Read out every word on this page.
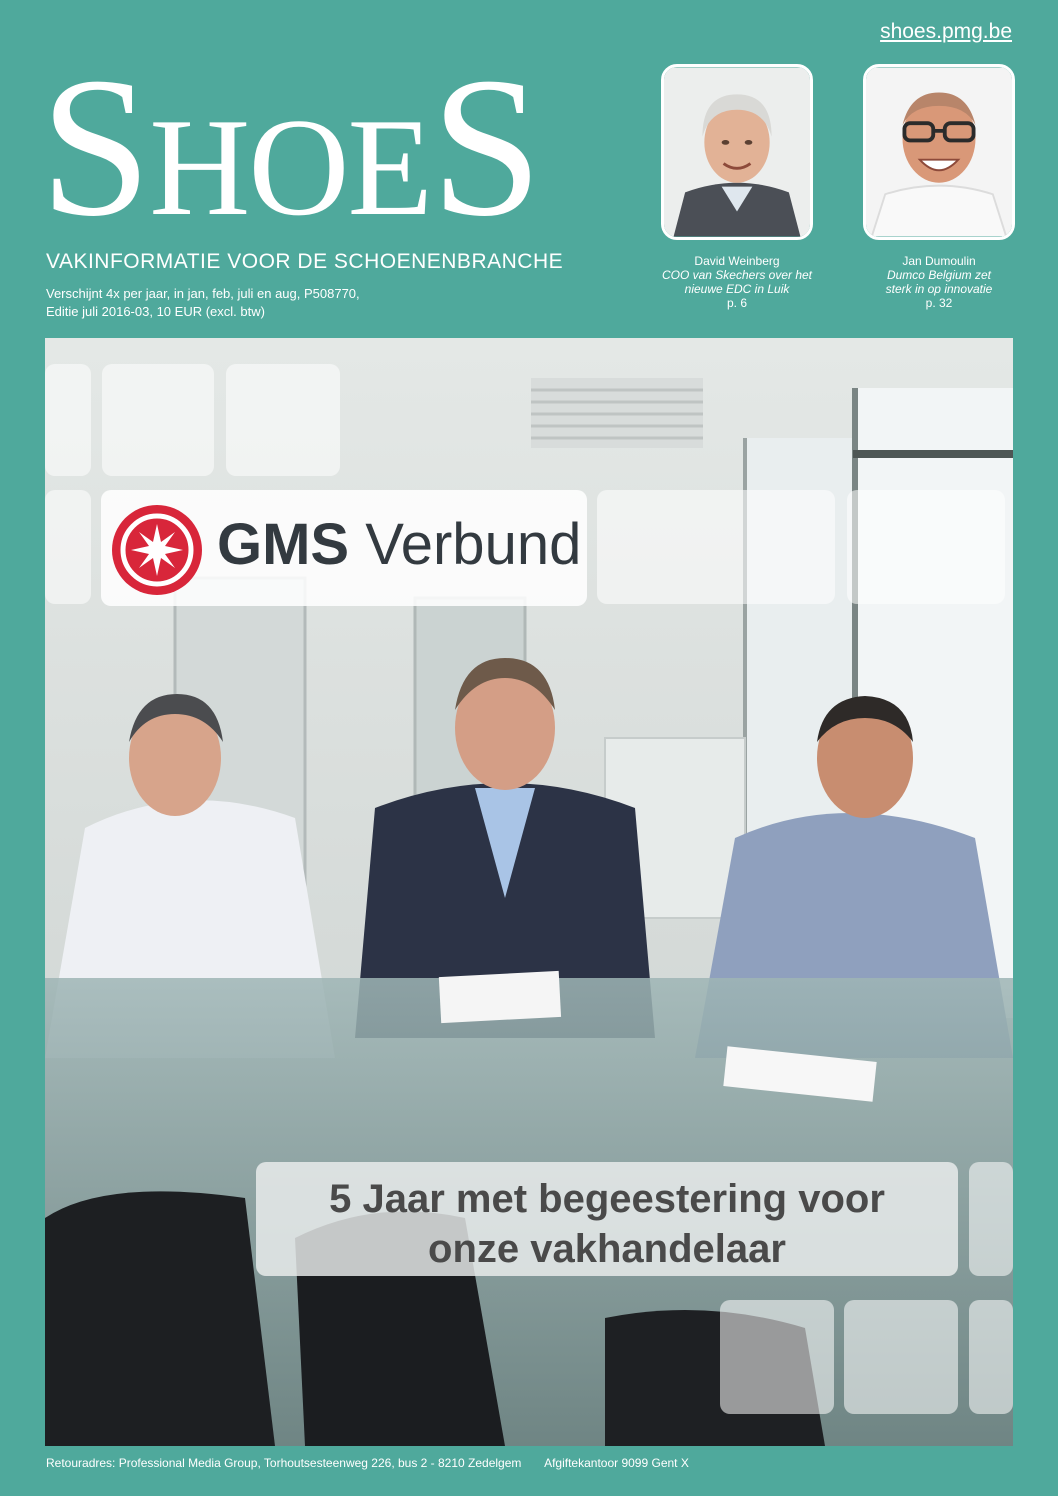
shoes.pmg.be
SHOES
VAKINFORMATIE VOOR DE SCHOENENBRANCHE
Verschijnt 4x per jaar, in jan, feb, juli en aug, P508770,
Editie juli 2016-03, 10 EUR (excl. btw)
David Weinberg
COO van Skechers over het
nieuwe EDC in Luik
p. 6
Jan Dumoulin
Dumco Belgium zet
sterk in op innovatie
p. 32
GMS Verbund
5 Jaar met begeestering voor
onze vakhandelaar
Retouradres: Professional Media Group, Torhoutsesteenweg 226, bus 2 - 8210 Zedelgem Afgiftekantoor 9099 Gent X
